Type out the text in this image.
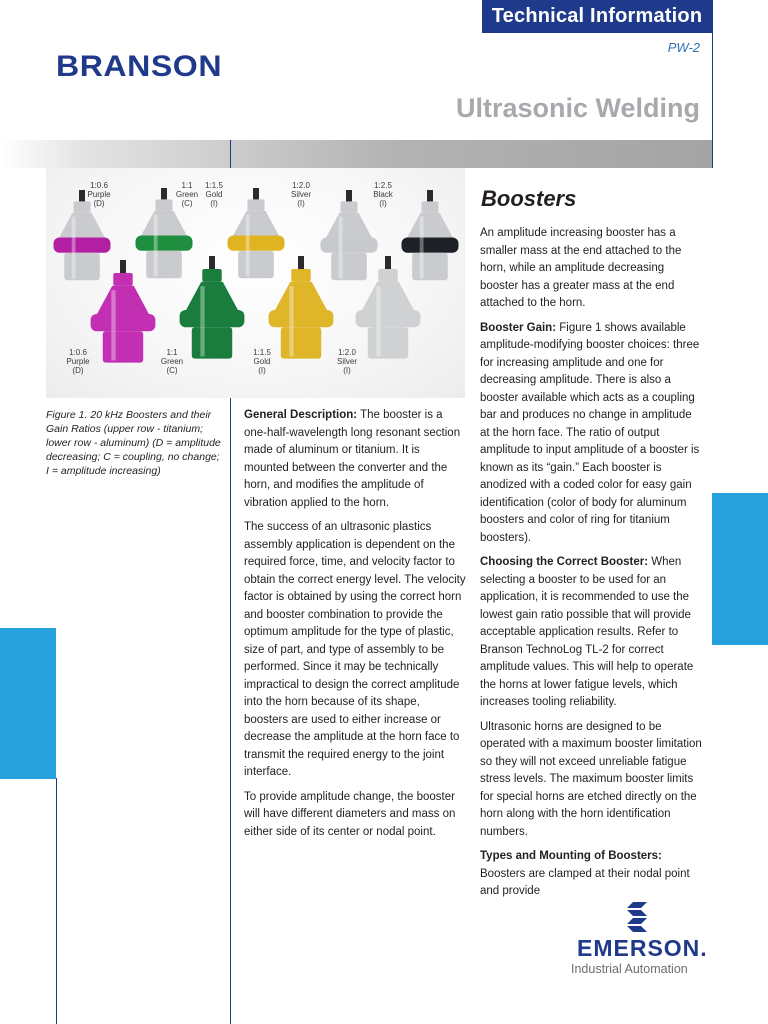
Technical Information
PW-2
BRANSON
Ultrasonic Welding
1:0.6
Purple
(D)
1:1
Green
(C)
1:1.5
Gold
(I)
1:2.0
Silver
(I)
1:2.5
Black
(I)
1:0.6
Purple
(D)
1:1
Green
(C)
1:1.5
Gold
(I)
1:2.0
Silver
(I)
Figure 1. 20 kHz Boosters and their Gain Ratios (upper row - titanium; lower row - aluminum) (D = amplitude decreasing; C = coupling, no change; I = amplitude increasing)

General Description: The booster is a one-half-wavelength long resonant section made of aluminum or titanium. It is mounted between the converter and the horn, and modifies the amplitude of vibration applied to the horn.

The success of an ultrasonic plastics assembly application is dependent on the required force, time, and velocity factor to obtain the correct energy level. The velocity factor is obtained by using the correct horn and booster combination to provide the optimum amplitude for the type of plastic, size of part, and type of assembly to be performed. Since it may be technically impractical to design the correct amplitude into the horn because of its shape, boosters are used to either increase or decrease the amplitude at the horn face to transmit the required energy to the joint interface.

To provide amplitude change, the booster will have different diameters and mass on either side of its center or nodal point.

Boosters

An amplitude increasing booster has a smaller mass at the end attached to the horn, while an amplitude decreasing booster has a greater mass at the end attached to the horn.

Booster Gain: Figure 1 shows available amplitude-modifying booster choices: three for increasing amplitude and one for decreasing amplitude. There is also a booster available which acts as a coupling bar and produces no change in amplitude at the horn face. The ratio of output amplitude to input amplitude of a booster is known as its “gain.” Each booster is anodized with a coded color for easy gain identification (color of body for aluminum boosters and color of ring for titanium boosters).

Choosing the Correct Booster: When selecting a booster to be used for an application, it is recommended to use the lowest gain ratio possible that will provide acceptable application results. Refer to Branson TechnoLog TL-2 for correct amplitude values. This will help to operate the horns at lower fatigue levels, which increases tooling reliability.

Ultrasonic horns are designed to be operated with a maximum booster limitation so they will not exceed unreliable fatigue stress levels. The maximum booster limits for special horns are etched directly on the horn along with the horn identification numbers.

Types and Mounting of Boosters: Boosters are clamped at their nodal point and provide

EMERSON.
Industrial Automation
